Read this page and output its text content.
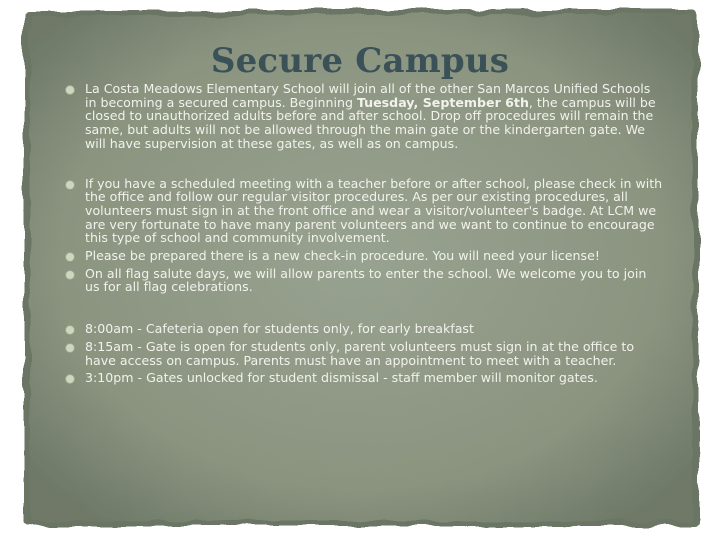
Secure Campus

La Costa Meadows Elementary School will join all of the other San Marcos Unified Schools in becoming a secured campus. Beginning Tuesday, September 6th, the campus will be closed to unauthorized adults before and after school. Drop off procedures will remain the same, but adults will not be allowed through the main gate or the kindergarten gate. We will have supervision at these gates, as well as on campus.

If you have a scheduled meeting with a teacher before or after school, please check in with the office and follow our regular visitor procedures. As per our existing procedures, all volunteers must sign in at the front office and wear a visitor/volunteer's badge. At LCM we are very fortunate to have many parent volunteers and we want to continue to encourage this type of school and community involvement.

Please be prepared there is a new check-in procedure. You will need your license!

On all flag salute days, we will allow parents to enter the school. We welcome you to join us for all flag celebrations.

8:00am - Cafeteria open for students only, for early breakfast

8:15am - Gate is open for students only, parent volunteers must sign in at the office to have access on campus. Parents must have an appointment to meet with a teacher.

3:10pm - Gates unlocked for student dismissal - staff member will monitor gates.
